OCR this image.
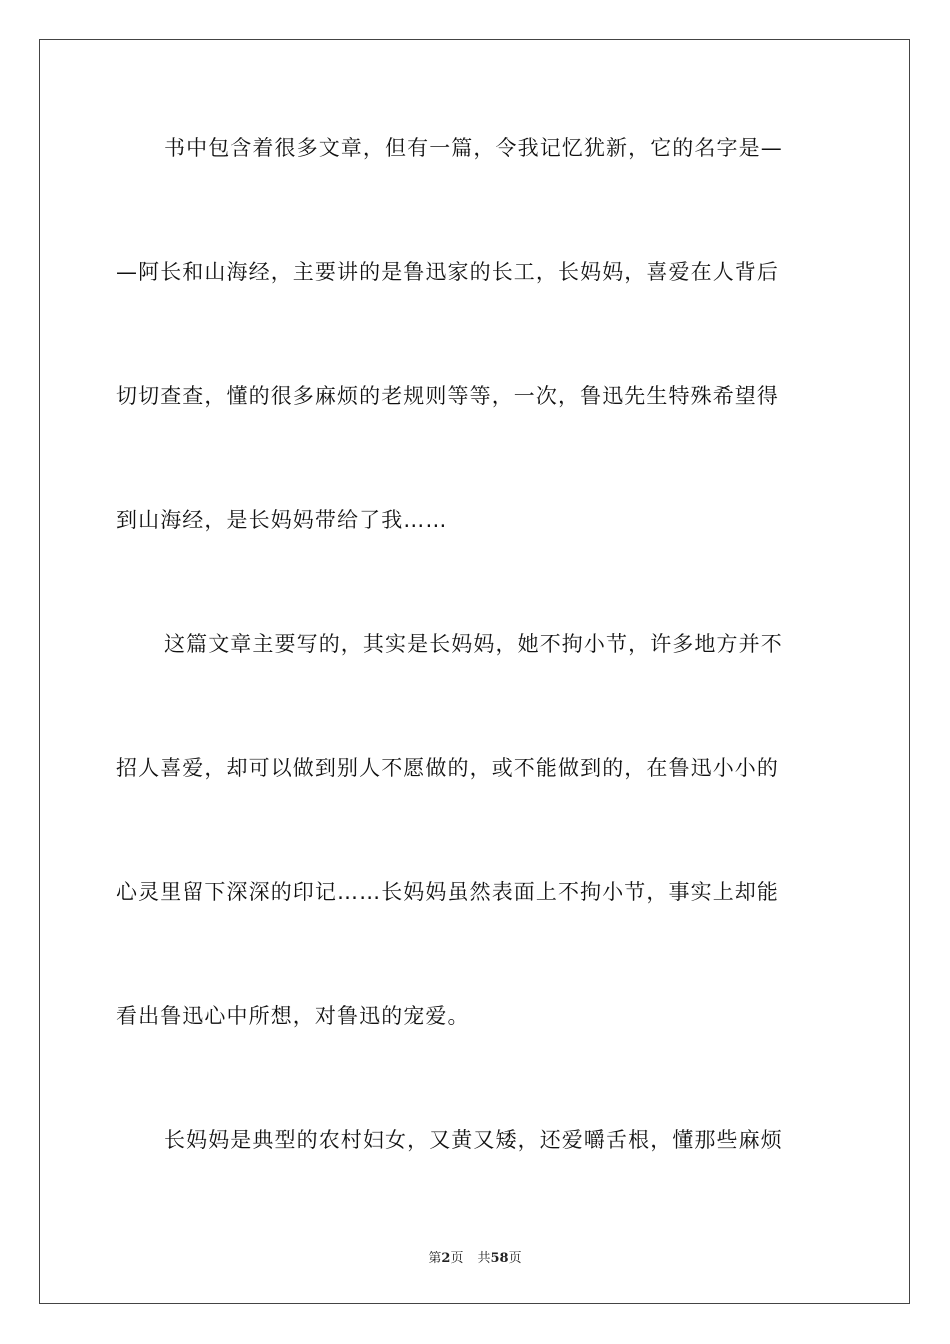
书中包含着很多文章，但有一篇，令我记忆犹新，它的名字是—
—阿长和山海经，主要讲的是鲁迅家的长工，长妈妈，喜爱在人背后
切切查查，懂的很多麻烦的老规则等等，一次，鲁迅先生特殊希望得
到山海经，是长妈妈带给了我……
这篇文章主要写的，其实是长妈妈，她不拘小节，许多地方并不
招人喜爱，却可以做到别人不愿做的，或不能做到的，在鲁迅小小的
心灵里留下深深的印记……长妈妈虽然表面上不拘小节，事实上却能
看出鲁迅心中所想，对鲁迅的宠爱。
长妈妈是典型的农村妇女，又黄又矮，还爱嚼舌根，懂那些麻烦
第2页 共58页
